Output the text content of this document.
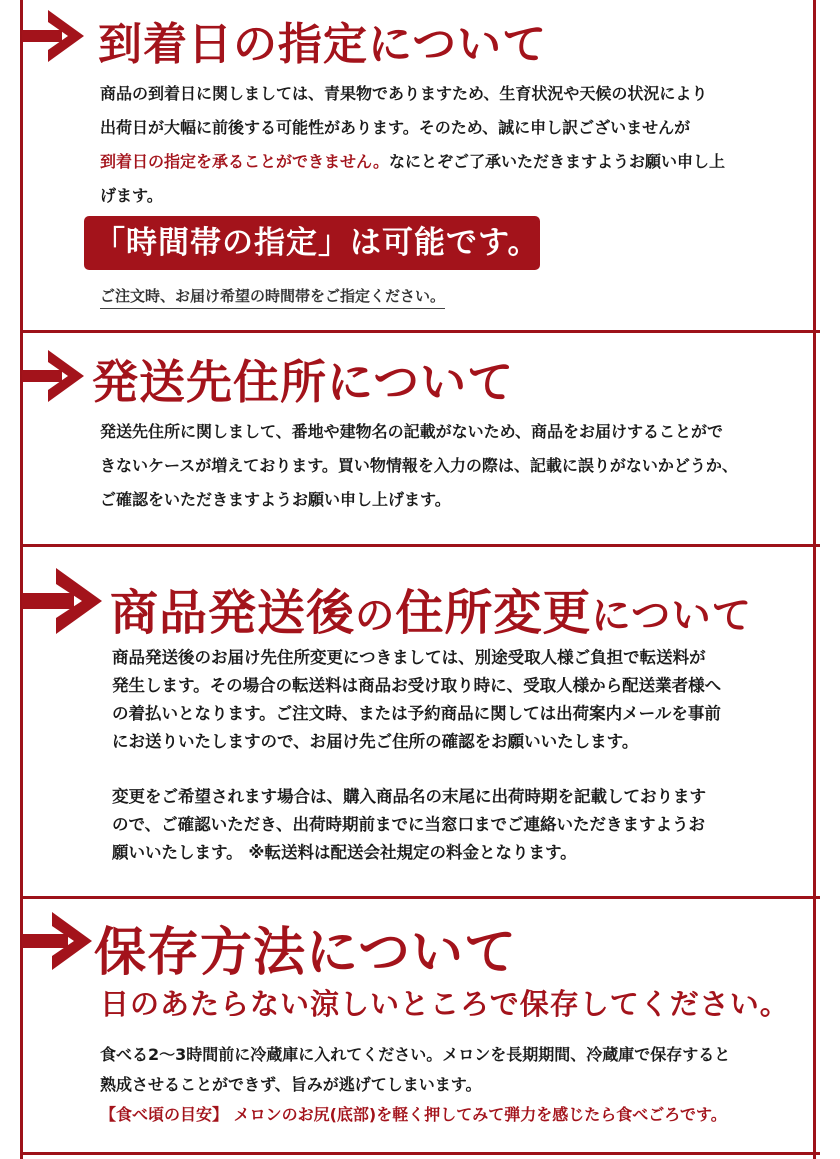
到着日の指定について

商品の到着日に関しましては、青果物でありますため、生育状況や天候の状況により

出荷日が大幅に前後する可能性があります。そのため、誠に申し訳ございませんが

到着日の指定を承ることができません。なにとぞご了承いただきますようお願い申し上

げます。

「時間帯の指定」は可能です。
ご注文時、お届け希望の時間帯をご指定ください。
発送先住所について

発送先住所に関しまして、番地や建物名の記載がないため、商品をお届けすることがで

きないケースが増えております。買い物情報を入力の際は、記載に誤りがないかどうか、

ご確認をいただきますようお願い申し上げます。

商品発送後の住所変更について

商品発送後のお届け先住所変更につきましては、別途受取人様ご負担で転送料が

発生します。その場合の転送料は商品お受け取り時に、受取人様から配送業者様へ

の着払いとなります。ご注文時、または予約商品に関しては出荷案内メールを事前

にお送りいたしますので、お届け先ご住所の確認をお願いいたします。

変更をご希望されます場合は、購入商品名の末尾に出荷時期を記載しております

ので、ご確認いただき、出荷時期前までに当窓口までご連絡いただきますようお

願いいたします。 ※転送料は配送会社規定の料金となります。

保存方法について
日のあたらない涼しいところで保存してください。

食べる2～3時間前に冷蔵庫に入れてください。メロンを長期期間、冷蔵庫で保存すると

熟成させることができず、旨みが逃げてしまいます。

【食べ頃の目安】 メロンのお尻(底部)を軽く押してみて弾力を感じたら食べごろです。
